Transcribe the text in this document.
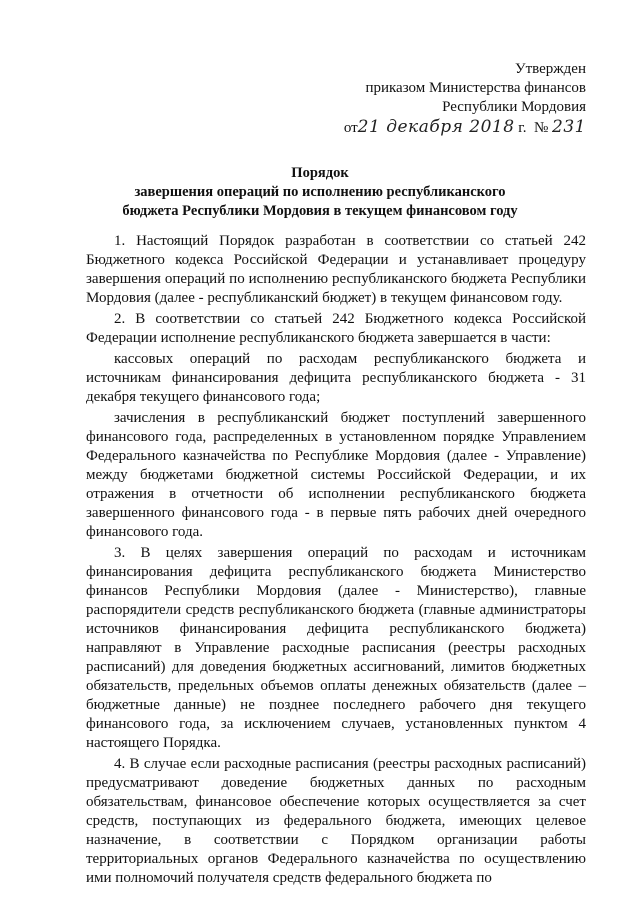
Утвержден
приказом Министерства финансов
Республики Мордовия
от21 декабря 2018 г. № 231
Порядок
завершения операций по исполнению республиканского
бюджета Республики Мордовия в текущем финансовом году

1. Настоящий Порядок разработан в соответствии со статьей 242 Бюджетного кодекса Российской Федерации и устанавливает процедуру завершения операций по исполнению республиканского бюджета Республики Мордовия (далее - республиканский бюджет) в текущем финансовом году.

2. В соответствии со статьей 242 Бюджетного кодекса Российской Федерации исполнение республиканского бюджета завершается в части:

кассовых операций по расходам республиканского бюджета и источникам финансирования дефицита республиканского бюджета - 31 декабря текущего финансового года;

зачисления в республиканский бюджет поступлений завершенного финансового года, распределенных в установленном порядке Управлением Федерального казначейства по Республике Мордовия (далее - Управление) между бюджетами бюджетной системы Российской Федерации, и их отражения в отчетности об исполнении республиканского бюджета завершенного финансового года - в первые пять рабочих дней очередного финансового года.

3. В целях завершения операций по расходам и источникам финансирования дефицита республиканского бюджета Министерство финансов Республики Мордовия (далее - Министерство), главные распорядители средств республиканского бюджета (главные администраторы источников финансирования дефицита республиканского бюджета) направляют в Управление расходные расписания (реестры расходных расписаний) для доведения бюджетных ассигнований, лимитов бюджетных обязательств, предельных объемов оплаты денежных обязательств (далее – бюджетные данные) не позднее последнего рабочего дня текущего финансового года, за исключением случаев, установленных пунктом 4 настоящего Порядка.

4. В случае если расходные расписания (реестры расходных расписаний) предусматривают доведение бюджетных данных по расходным обязательствам, финансовое обеспечение которых осуществляется за счет средств, поступающих из федерального бюджета, имеющих целевое назначение, в соответствии с Порядком организации работы территориальных органов Федерального казначейства по осуществлению ими полномочий получателя средств федерального бюджета по
